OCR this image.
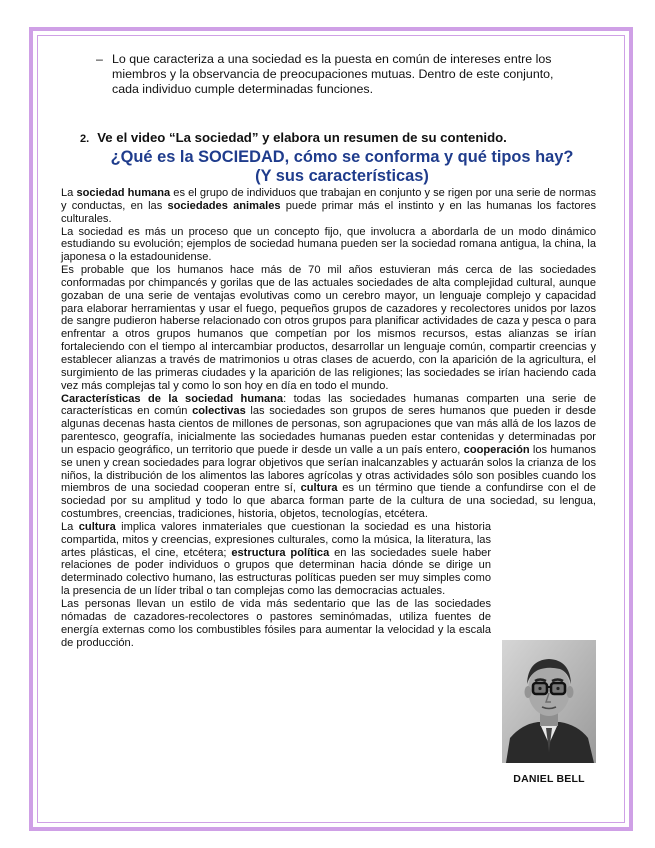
– Lo que caracteriza a una sociedad es la puesta en común de intereses entre los miembros y la observancia de preocupaciones mutuas. Dentro de este conjunto, cada individuo cumple determinadas funciones.
2. Ve el video “La sociedad” y elabora un resumen de su contenido.
¿Qué es la SOCIEDAD, cómo se conforma y qué tipos hay?
(Y sus características)

La sociedad humana es el grupo de individuos que trabajan en conjunto y se rigen por una serie de normas y conductas, en las sociedades animales puede primar más el instinto y en las humanas los factores culturales.

La sociedad es más un proceso que un concepto fijo, que involucra a abordarla de un modo dinámico estudiando su evolución; ejemplos de sociedad humana pueden ser la sociedad romana antigua, la china, la japonesa o la estadounidense.

Es probable que los humanos hace más de 70 mil años estuvieran más cerca de las sociedades conformadas por chimpancés y gorilas que de las actuales sociedades de alta complejidad cultural, aunque gozaban de una serie de ventajas evolutivas como un cerebro mayor, un lenguaje complejo y capacidad para elaborar herramientas y usar el fuego, pequeños grupos de cazadores y recolectores unidos por lazos de sangre pudieron haberse relacionado con otros grupos para planificar actividades de caza y pesca o para enfrentar a otros grupos humanos que competían por los mismos recursos, estas alianzas se irían fortaleciendo con el tiempo al intercambiar productos, desarrollar un lenguaje común, compartir creencias y establecer alianzas a través de matrimonios u otras clases de acuerdo, con la aparición de la agricultura, el surgimiento de las primeras ciudades y la aparición de las religiones; las sociedades se irían haciendo cada vez más complejas tal y como lo son hoy en día en todo el mundo.

Características de la sociedad humana: todas las sociedades humanas comparten una serie de características en común colectivas las sociedades son grupos de seres humanos que pueden ir desde algunas decenas hasta cientos de millones de personas, son agrupaciones que van más allá de los lazos de parentesco, geografía, inicialmente las sociedades humanas pueden estar contenidas y determinadas por un espacio geográfico, un territorio que puede ir desde un valle a un país entero, cooperación los humanos se unen y crean sociedades para lograr objetivos que serían inalcanzables y actuarán solos la crianza de los niños, la distribución de los alimentos las labores agrícolas y otras actividades sólo son posibles cuando los miembros de una sociedad cooperan entre sí, cultura es un término que tiende a confundirse con el de sociedad por su amplitud y todo lo que abarca forman parte de la cultura de una sociedad, su lengua, costumbres, creencias, tradiciones, historia, objetos, tecnologías, etcétera.

La cultura implica valores inmateriales que cuestionan la sociedad es una historia compartida, mitos y creencias, expresiones culturales, como la música, la literatura, las artes plásticas, el cine, etcétera; estructura política en las sociedades suele haber relaciones de poder individuos o grupos que determinan hacia dónde se dirige un determinado colectivo humano, las estructuras políticas pueden ser muy simples como la presencia de un líder tribal o tan complejas como las democracias actuales.

Las personas llevan un estilo de vida más sedentario que las de las sociedades nómadas de cazadores-recolectores o pastores seminómadas, utiliza fuentes de energía externas como los combustibles fósiles para aumentar la velocidad y la escala de producción.

DANIEL BELL
